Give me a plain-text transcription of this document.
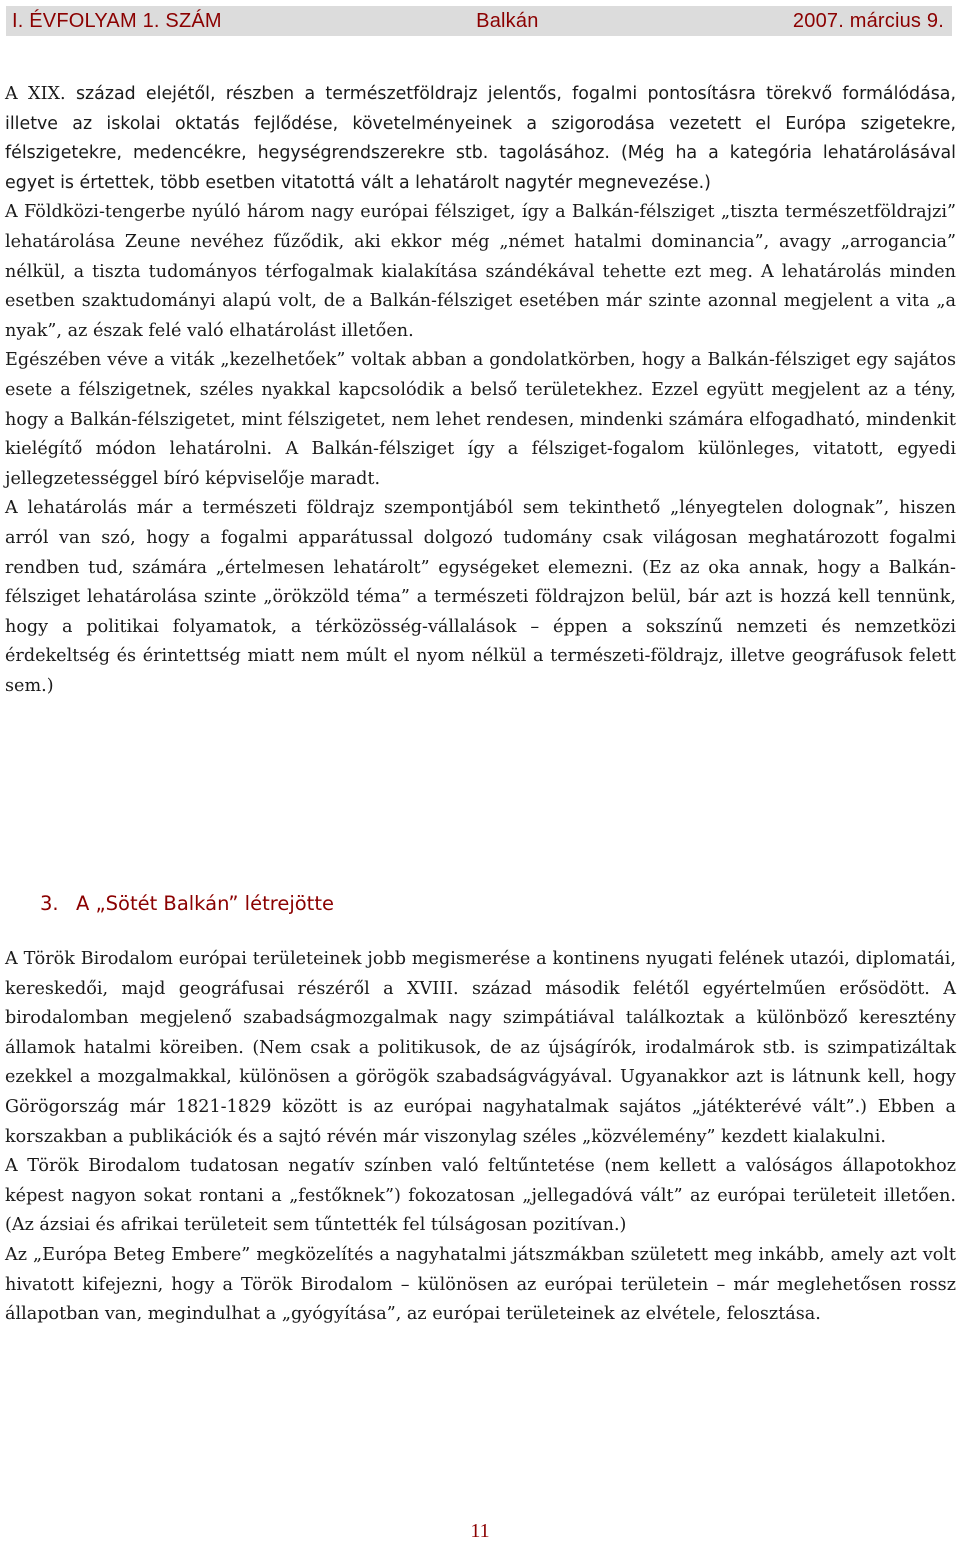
I. ÉVFOLYAM 1. SZÁM	Balkán	2007. március 9.

A XIX. század elejétől, részben a természetföldrajz jelentős, fogalmi pontosításra törekvő formálódása, illetve az iskolai oktatás fejlődése, követelményeinek a szigorodása vezetett el Európa szigetekre, félszigetekre, medencékre, hegységrendszerekre stb. tagolásához. (Még ha a kategória lehatárolásával egyet is értettek, több esetben vitatottá vált a lehatárolt nagytér megnevezése.)

A Földközi-tengerbe nyúló három nagy európai félsziget, így a Balkán-félsziget „tiszta természetföldrajzi” lehatárolása Zeune nevéhez fűződik, aki ekkor még „német hatalmi dominancia”, avagy „arrogancia” nélkül, a tiszta tudományos térfogalmak kialakítása szándékával tehette ezt meg. A lehatárolás minden esetben szaktudományi alapú volt, de a Balkán-félsziget esetében már szinte azonnal megjelent a vita „a nyak”, az észak felé való elhatárolást illetően.

Egészében véve a viták „kezelhetőek” voltak abban a gondolatkörben, hogy a Balkán-félsziget egy sajátos esete a félszigetnek, széles nyakkal kapcsolódik a belső területekhez. Ezzel együtt megjelent az a tény, hogy a Balkán-félszigetet, mint félszigetet, nem lehet rendesen, mindenki számára elfogadható, mindenkit kielégítő módon lehatárolni. A Balkán-félsziget így a félsziget-fogalom különleges, vitatott, egyedi jellegzetességgel bíró képviselője maradt.

A lehatárolás már a természeti földrajz szempontjából sem tekinthető „lényegtelen dolognak”, hiszen arról van szó, hogy a fogalmi apparátussal dolgozó tudomány csak világosan meghatározott fogalmi rendben tud, számára „értelmesen lehatárolt” egységeket elemezni. (Ez az oka annak, hogy a Balkán-félsziget lehatárolása szinte „örökzöld téma” a természeti földrajzon belül, bár azt is hozzá kell tennünk, hogy a politikai folyamatok, a térközösség-vállalások – éppen a sokszínű nemzeti és nemzetközi érdekeltség és érintettség miatt nem múlt el nyom nélkül a természeti-földrajz, illetve geográfusok felett sem.)

3. A „Sötét Balkán” létrejötte

A Török Birodalom európai területeinek jobb megismerése a kontinens nyugati felének utazói, diplomatái, kereskedői, majd geográfusai részéről a XVIII. század második felétől egyértelműen erősödött. A birodalomban megjelenő szabadságmozgalmak nagy szimpátiával találkoztak a különböző keresztény államok hatalmi köreiben. (Nem csak a politikusok, de az újságírók, irodalmárok stb. is szimpatizáltak ezekkel a mozgalmakkal, különösen a görögök szabadságvágyával. Ugyanakkor azt is látnunk kell, hogy Görögország már 1821-1829 között is az európai nagyhatalmak sajátos „játékterévé vált”.) Ebben a korszakban a publikációk és a sajtó révén már viszonylag széles „közvélemény” kezdett kialakulni.

A Török Birodalom tudatosan negatív színben való feltűntetése (nem kellett a valóságos állapotokhoz képest nagyon sokat rontani a „festőknek”) fokozatosan „jellegadóvá vált” az európai területeit illetően. (Az ázsiai és afrikai területeit sem tűntették fel túlságosan pozitívan.)

Az „Európa Beteg Embere” megközelítés a nagyhatalmi játszmákban született meg inkább, amely azt volt hivatott kifejezni, hogy a Török Birodalom – különösen az európai területein – már meglehetősen rossz állapotban van, megindulhat a „gyógyítása”, az európai területeinek az elvétele, felosztása.

11
